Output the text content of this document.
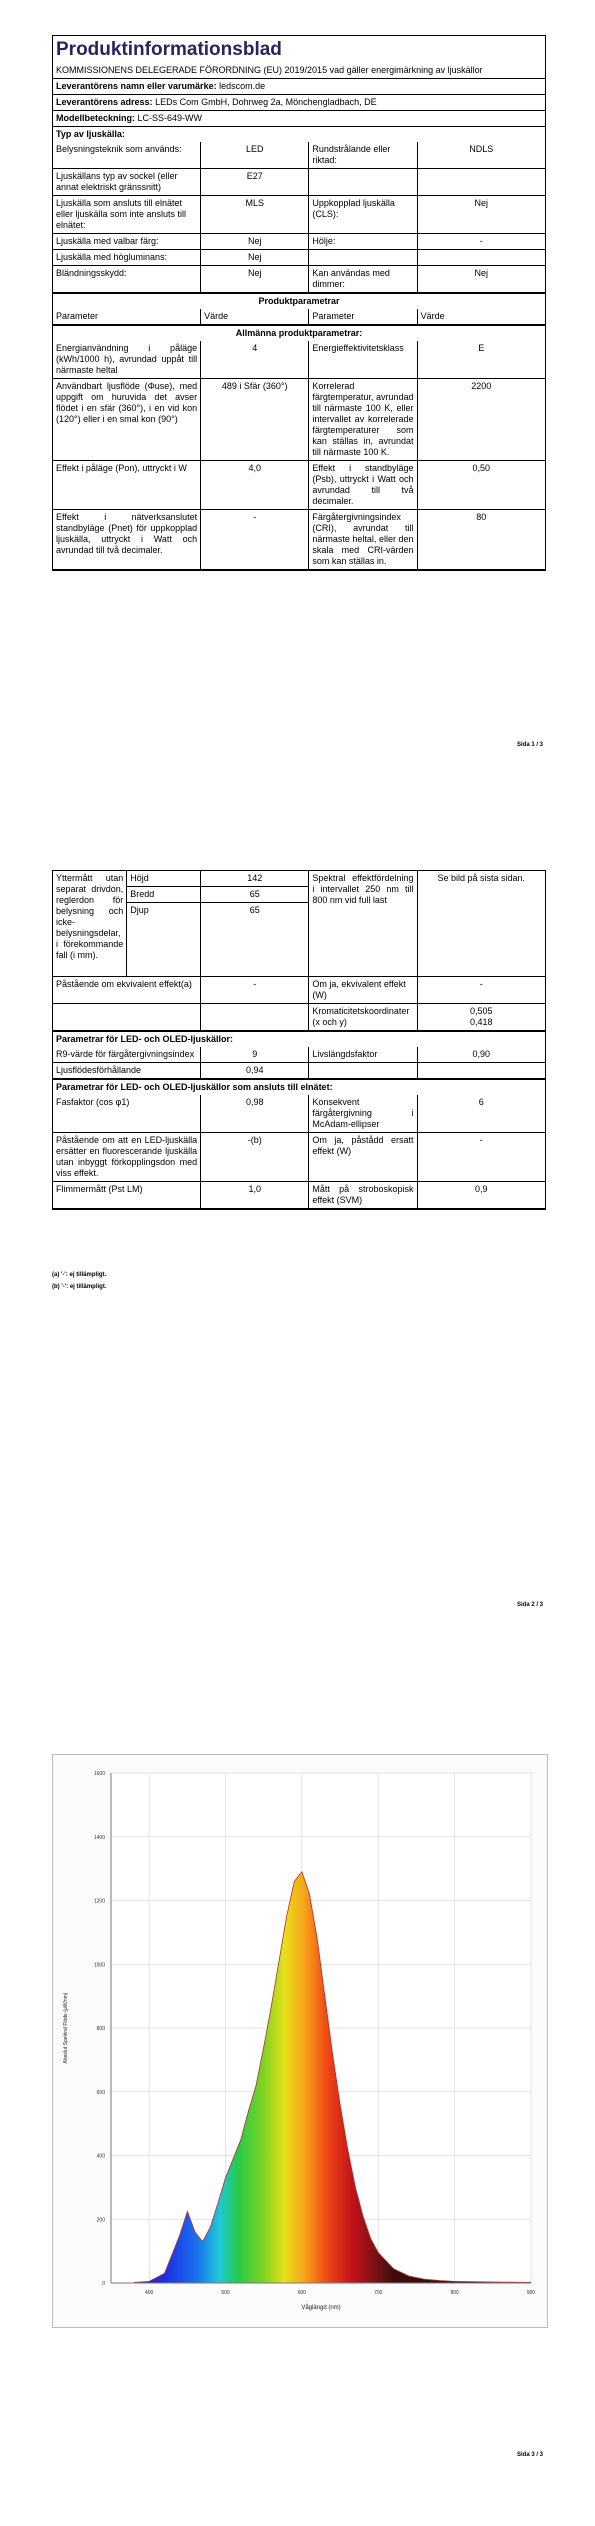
Produktinformationsblad
KOMMISSIONENS DELEGERADE FÖRORDNING (EU) 2019/2015 vad gäller energimärkning av ljuskällor
Leverantörens namn eller varumärke: ledscom.de
Leverantörens adress: LEDs Com GmbH, Dohrweg 2a, Mönchengladbach, DE
Modellbeteckning: LC-SS-649-WW
Typ av ljuskälla:
Belysningsteknik som används:	LED	Rundstrålande eller riktad:	NDLS
Ljuskällans typ av sockel (eller annat elektriskt gränssnitt)	E27		
Ljuskälla som ansluts till elnätet eller ljuskälla som inte ansluts till elnätet:	MLS	Uppkopplad ljuskälla (CLS):	Nej
Ljuskälla med valbar färg:	Nej	Hölje:	-
Ljuskälla med högluminans:	Nej		
Bländningsskydd:	Nej	Kan användas med dimmer:	Nej
Produktparametrar
Parameter	Värde	Parameter	Värde
Allmänna produktparametrar:
Energianvändning i påläge (kWh/1000 h), avrundad uppåt till närmaste heltal	4	Energieffektivitetsklass	E
Användbart ljusflöde (Φuse), med uppgift om huruvida det avser flödet i en sfär (360°), i en vid kon (120°) eller i en smal kon (90°)	489 i Sfär (360°)	Korrelerad färgtemperatur, avrundad till närmaste 100 K, eller intervallet av korrelerade färgtemperaturer som kan ställas in, avrundat till närmaste 100 K.	2200
Effekt i påläge (Pon), uttryckt i W	4,0	Effekt i standbyläge (Psb), uttryckt i Watt och avrundad till två decimaler.	0,50
Effekt i nätverksanslutet standbyläge (Pnet) för uppkopplad ljuskälla, uttryckt i Watt och avrundad till två decimaler.	-	Färgåtergivningsindex (CRI), avrundat till närmaste heltal, eller den skala med CRI-värden som kan ställas in.	80
Sida 1 / 3
Yttermått utan separat drivdon, reglerdon för belysning och icke-belysningsdelar, i förekommande fall (i mm).	Höjd	142	Spektral effektfördelning i intervallet 250 nm till 800 nm vid full last	Se bild på sista sidan.
	Bredd	65		
	Djup	65		
Påstående om ekvivalent effekt(a)	-	Om ja, ekvivalent effekt (W)	-
		Kromaticitetskoordinater (x och y)	0,505
0,418
Parametrar för LED- och OLED-ljuskällor:
R9-värde för färgåtergivningsindex	9	Livslängdsfaktor	0,90
Ljusflödesförhållande	0,94		
Parametrar för LED- och OLED-ljuskällor som ansluts till elnätet:
Fasfaktor (cos φ1)	0,98	Konsekvent färgåtergivning i McAdam-ellipser	6
Påstående om att en LED-ljuskälla ersätter en fluorescerande ljuskälla utan inbyggt förkopplingsdon med viss effekt.	-(b)	Om ja, påstådd ersatt effekt (W)	-
Flimmermått (Pst LM)	1,0	Mått på stroboskopisk effekt (SVM)	0,9
(a) '-': ej tillämpligt.
(b) '-': ej tillämpligt.
Sida 2 / 3
0
200
400
600
800
1000
1200
1400
1600
400	500	600	700	800	900
Våglängd (nm)
Absolut Spektral Flöde (µW/nm)
Sida 3 / 3
